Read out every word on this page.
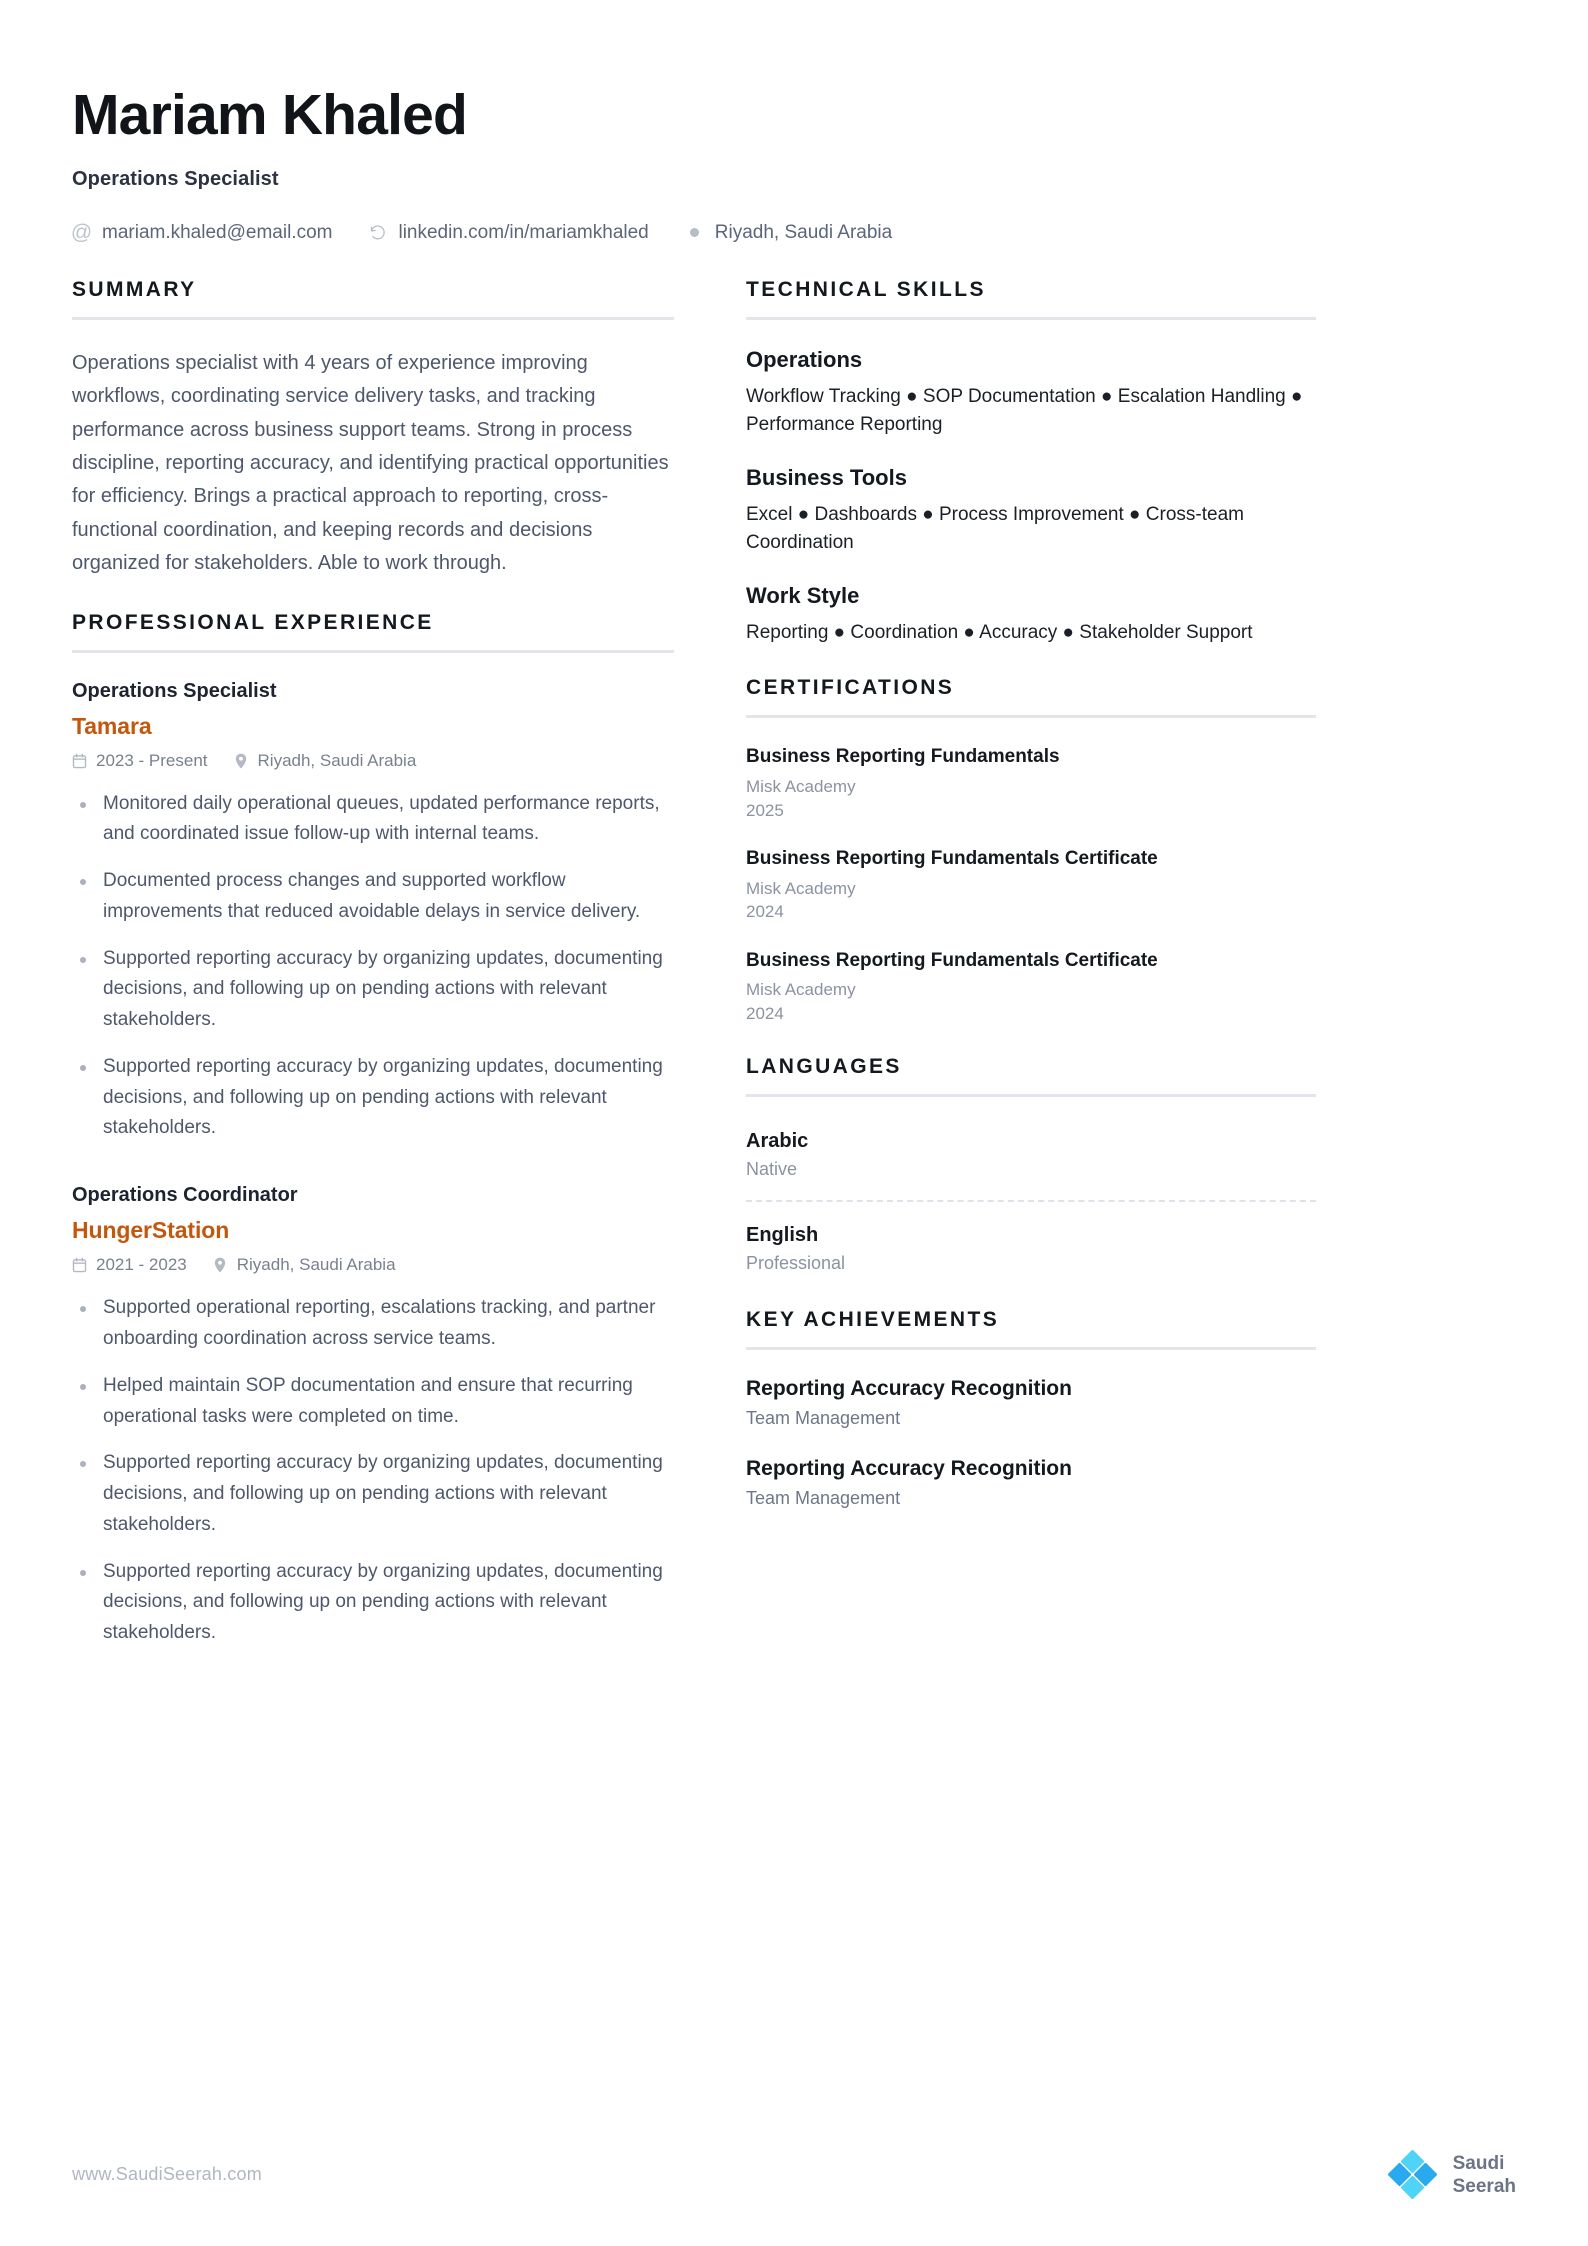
Mariam Khaled
Operations Specialist
@ mariam.khaled@email.com	linkedin.com/in/mariamkhaled	Riyadh, Saudi Arabia
SUMMARY
Operations specialist with 4 years of experience improving workflows, coordinating service delivery tasks, and tracking performance across business support teams. Strong in process discipline, reporting accuracy, and identifying practical opportunities for efficiency. Brings a practical approach to reporting, cross-functional coordination, and keeping records and decisions organized for stakeholders. Able to work through.
PROFESSIONAL EXPERIENCE
Operations Specialist
Tamara
2023 - Present	Riyadh, Saudi Arabia
Monitored daily operational queues, updated performance reports, and coordinated issue follow-up with internal teams.
Documented process changes and supported workflow improvements that reduced avoidable delays in service delivery.
Supported reporting accuracy by organizing updates, documenting decisions, and following up on pending actions with relevant stakeholders.
Supported reporting accuracy by organizing updates, documenting decisions, and following up on pending actions with relevant stakeholders.
Operations Coordinator
HungerStation
2021 - 2023	Riyadh, Saudi Arabia
Supported operational reporting, escalations tracking, and partner onboarding coordination across service teams.
Helped maintain SOP documentation and ensure that recurring operational tasks were completed on time.
Supported reporting accuracy by organizing updates, documenting decisions, and following up on pending actions with relevant stakeholders.
Supported reporting accuracy by organizing updates, documenting decisions, and following up on pending actions with relevant stakeholders.
TECHNICAL SKILLS
Operations
Workflow Tracking ● SOP Documentation ● Escalation Handling ● Performance Reporting
Business Tools
Excel ● Dashboards ● Process Improvement ● Cross-team Coordination
Work Style
Reporting ● Coordination ● Accuracy ● Stakeholder Support
CERTIFICATIONS
Business Reporting Fundamentals
Misk Academy
2025
Business Reporting Fundamentals Certificate
Misk Academy
2024
Business Reporting Fundamentals Certificate
Misk Academy
2024
LANGUAGES
Arabic
Native
English
Professional
KEY ACHIEVEMENTS
Reporting Accuracy Recognition
Team Management
Reporting Accuracy Recognition
Team Management
www.SaudiSeerah.com
Saudi
Seerah
